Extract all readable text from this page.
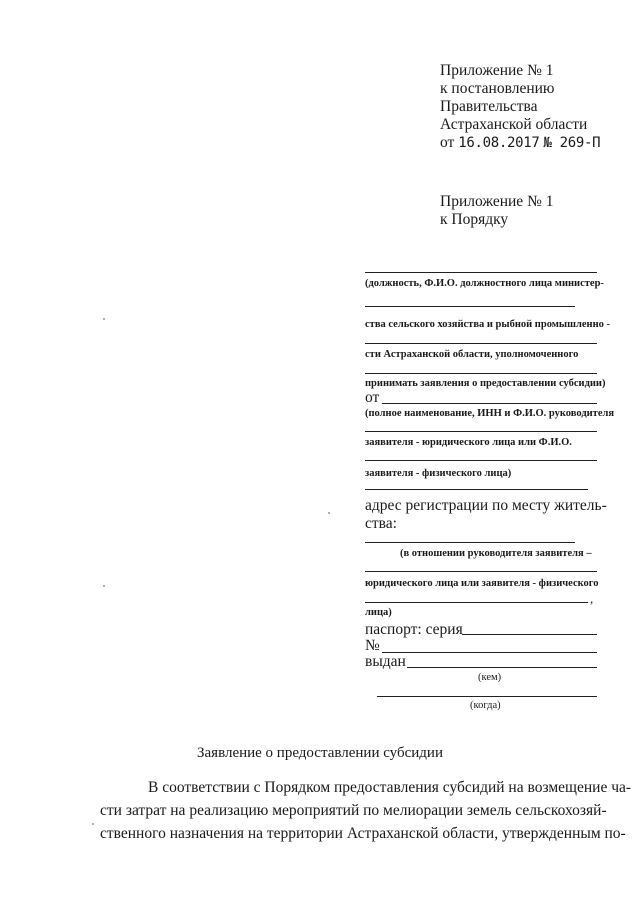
Приложение № 1
к постановлению
Правительства
Астраханской области
от 16.08.2017 № 269-П
Приложение № 1
к Порядку
(должность, Ф.И.О. должностного лица министер-
ства сельского хозяйства и рыбной промышленно -
сти Астраханской области, уполномоченного
принимать заявления о предоставлении субсидии)
от
(полное наименование, ИНН и Ф.И.О. руководителя
заявителя - юридического лица или Ф.И.О.
заявителя - физического лица)
адрес регистрации по месту житель-
ства:
(в отношении руководителя заявителя –
юридического лица или заявителя - физического
,
лица)
паспорт: серия
№
выдан
(кем)
(когда)
Заявление о предоставлении субсидии
В соответствии с Порядком предоставления субсидий на возмещение ча-
сти затрат на реализацию мероприятий по мелиорации земель сельскохозяй-
ственного назначения на территории Астраханской области, утвержденным по-
